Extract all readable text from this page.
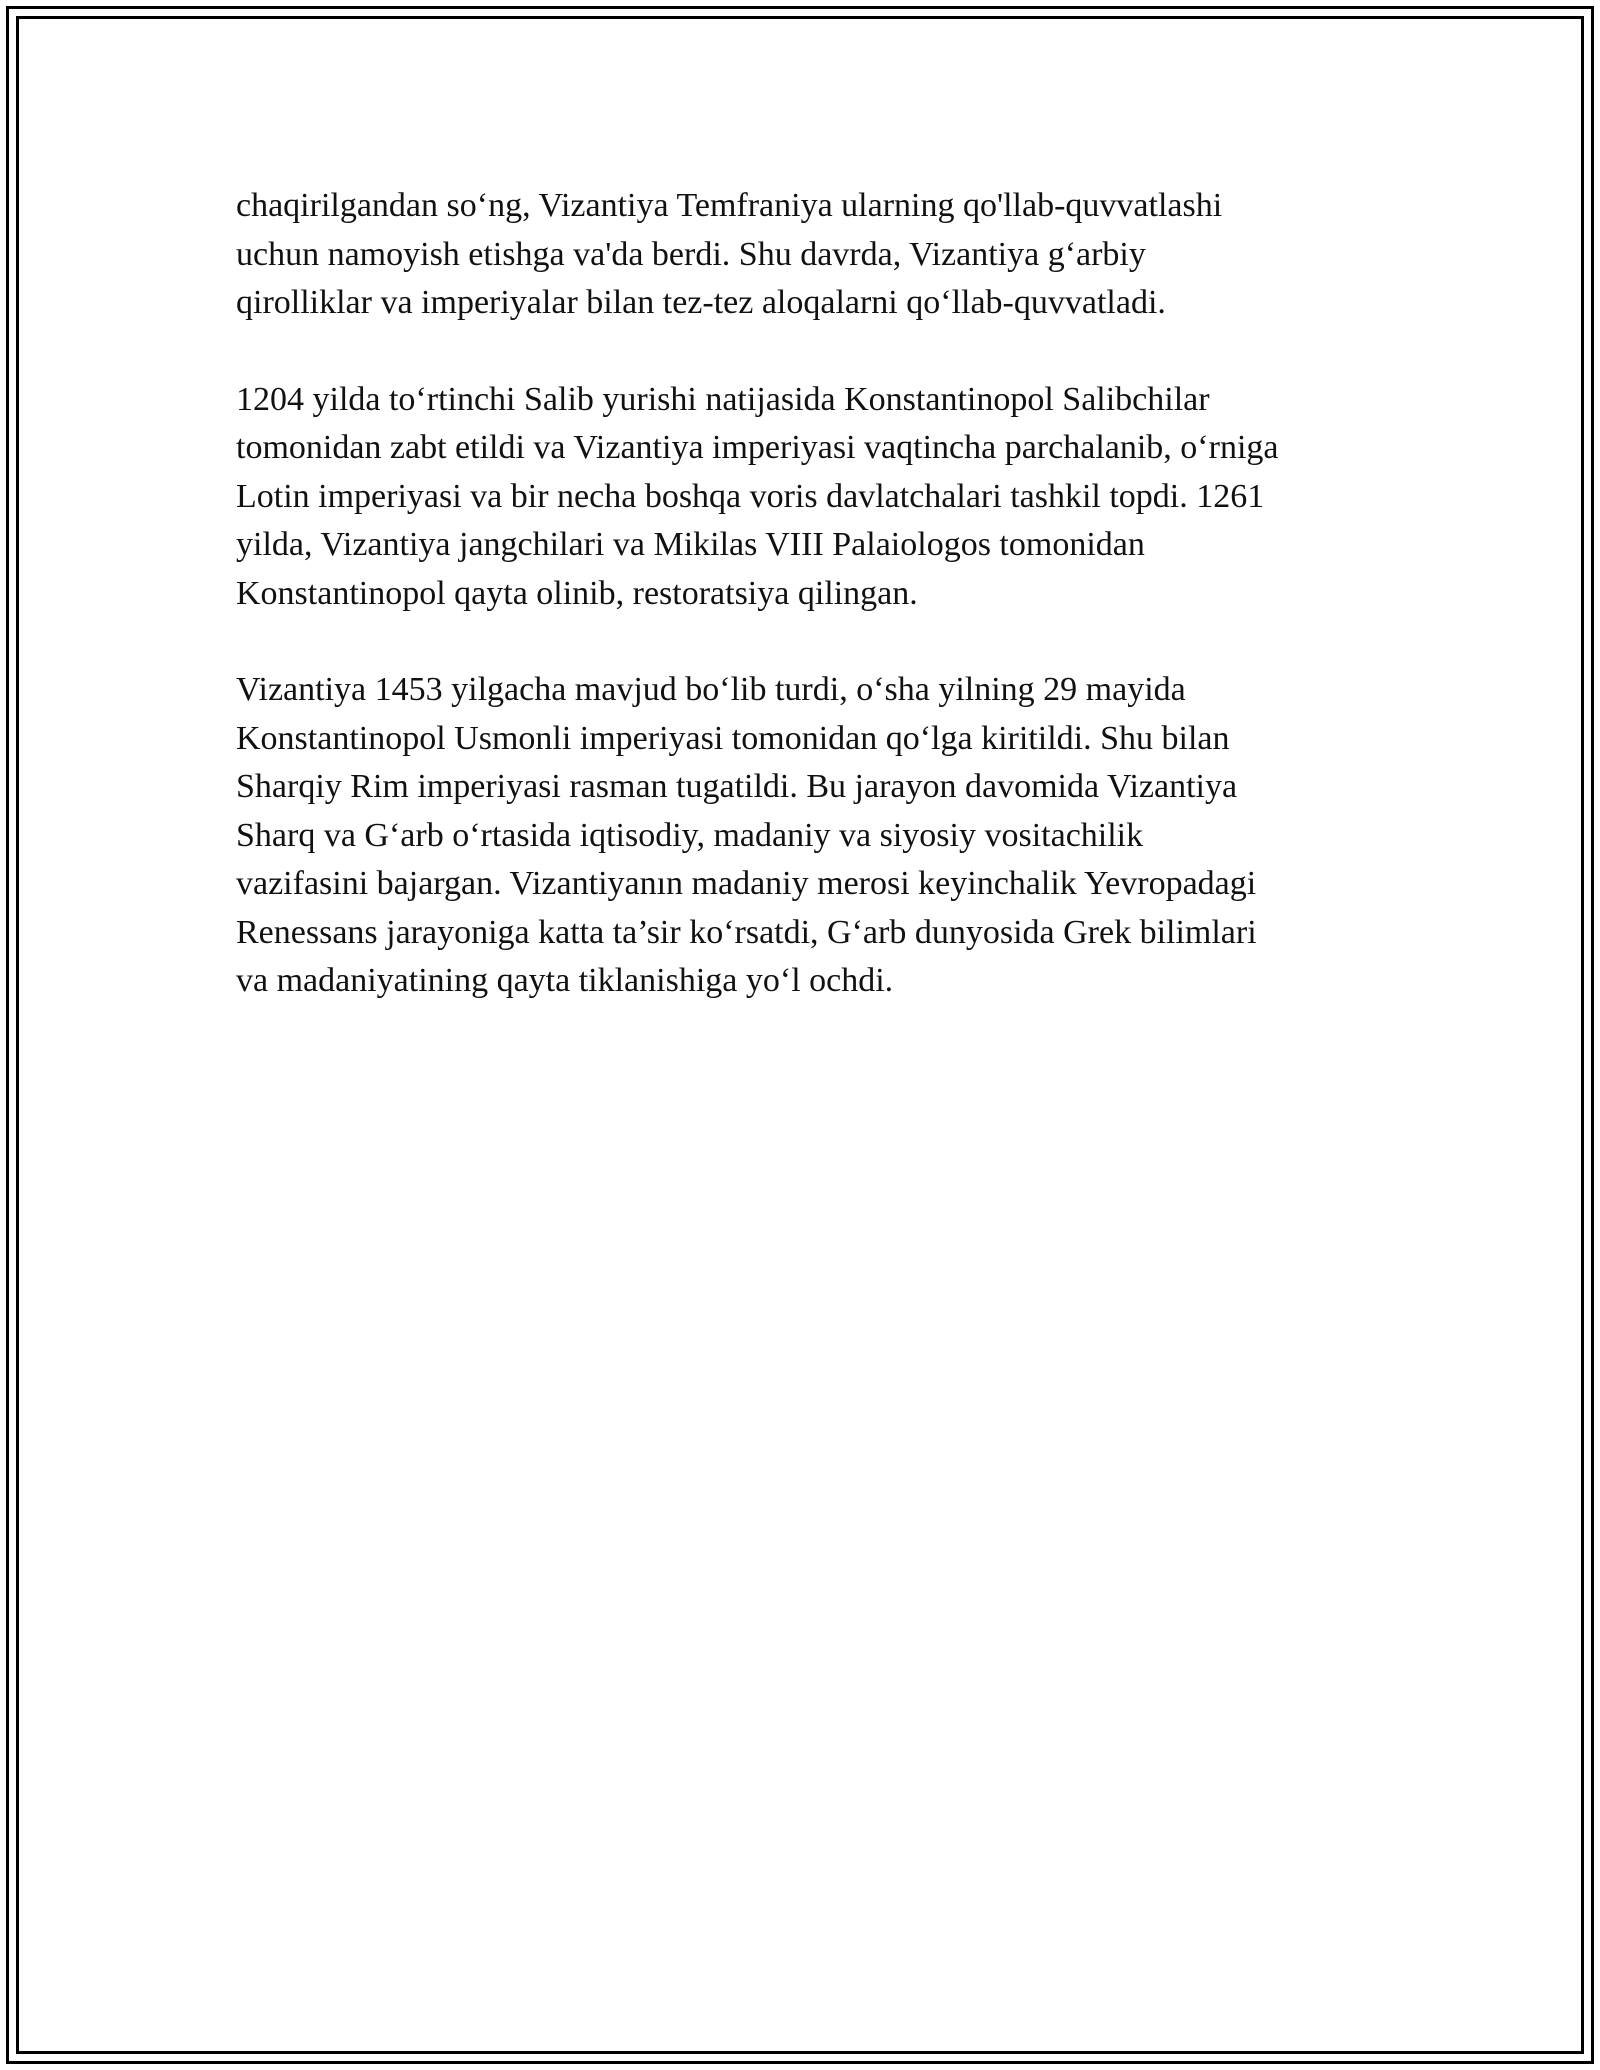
chaqirilgandan so‘ng, Vizantiya Temfraniya ularning qo'llab-quvvatlashi
uchun namoyish etishga va'da berdi. Shu davrda, Vizantiya g‘arbiy
qirolliklar va imperiyalar bilan tez-tez aloqalarni qo‘llab-quvvatladi.

1204 yilda to‘rtinchi Salib yurishi natijasida Konstantinopol Salibchilar
tomonidan zabt etildi va Vizantiya imperiyasi vaqtincha parchalanib, o‘rniga
Lotin imperiyasi va bir necha boshqa voris davlatchalari tashkil topdi. 1261
yilda, Vizantiya jangchilari va Mikilas VIII Palaiologos tomonidan
Konstantinopol qayta olinib, restoratsiya qilingan.

Vizantiya 1453 yilgacha mavjud bo‘lib turdi, o‘sha yilning 29 mayida
Konstantinopol Usmonli imperiyasi tomonidan qo‘lga kiritildi. Shu bilan
Sharqiy Rim imperiyasi rasman tugatildi. Bu jarayon davomida Vizantiya
Sharq va G‘arb o‘rtasida iqtisodiy, madaniy va siyosiy vositachilik
vazifasini bajargan. Vizantiyanın madaniy merosi keyinchalik Yevropadagi
Renessans jarayoniga katta ta’sir ko‘rsatdi, G‘arb dunyosida Grek bilimlari
va madaniyatining qayta tiklanishiga yo‘l ochdi.
